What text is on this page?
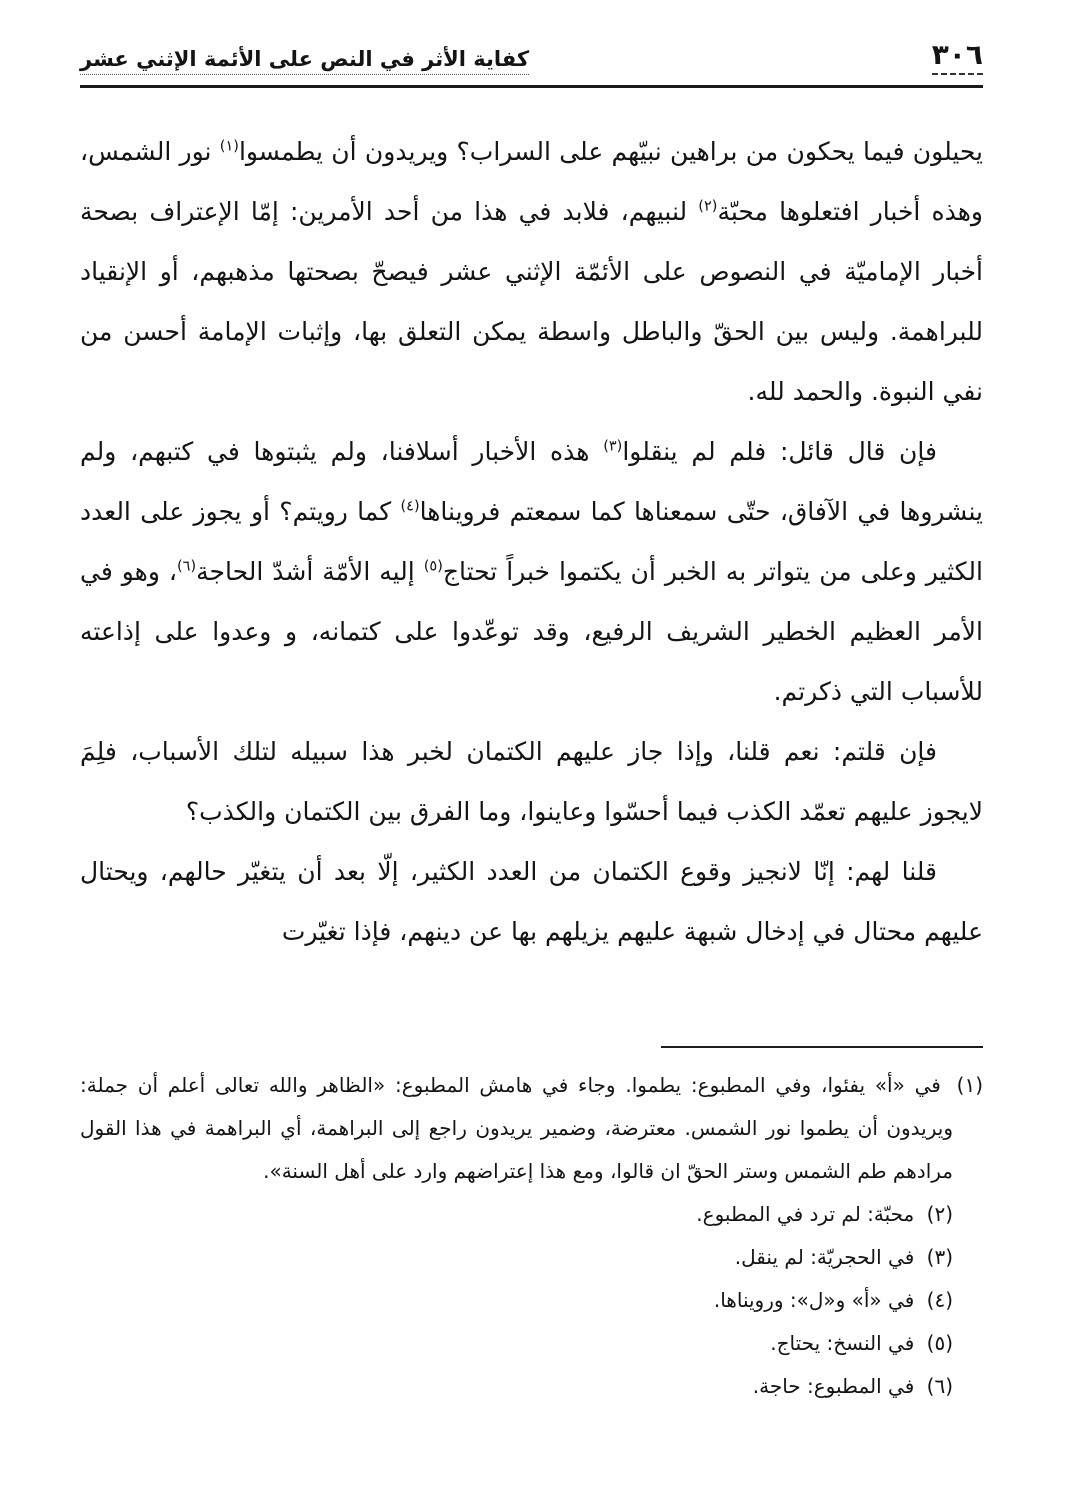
٣٠٦
كفاية الأثر في النص على الأئمة الإثني عشر

يحيلون فيما يحكون من براهين نبيّهم على السراب؟ ويريدون أن يطمسوا$^{(١)}$ نور الشمس، وهذه أخبار افتعلوها محبّة$^{(٢)}$ لنبيهم، فلابد في هذا من أحد الأمرين: إمّا الإعتراف بصحة أخبار الإماميّة في النصوص على الأئمّة الإثني عشر فيصحّ بصحتها مذهبهم، أو الإنقياد للبراهمة. وليس بين الحقّ والباطل واسطة يمكن التعلق بها، وإثبات الإمامة أحسن من نفي النبوة. والحمد لله.

فإن قال قائل: فلم لم ينقلوا$^{(٣)}$ هذه الأخبار أسلافنا، ولم يثبتوها في كتبهم، ولم ينشروها في الآفاق، حتّى سمعناها كما سمعتم فرويناها$^{(٤)}$ كما رويتم؟ أو يجوز على العدد الكثير وعلى من يتواتر به الخبر أن يكتموا خبراً تحتاج$^{(٥)}$ إليه الأمّة أشدّ الحاجة$^{(٦)}$، وهو في الأمر العظيم الخطير الشريف الرفيع، وقد توعّدوا على كتمانه، و وعدوا على إذاعته للأسباب التي ذكرتم.

فإن قلتم: نعم قلنا، وإذا جاز عليهم الكتمان لخبر هذا سبيله لتلك الأسباب، فلِمَ لايجوز عليهم تعمّد الكذب فيما أحسّوا وعاينوا، وما الفرق بين الكتمان والكذب؟

قلنا لهم: إنّا لانجيز وقوع الكتمان من العدد الكثير، إلّا بعد أن يتغيّر حالهم، ويحتال عليهم محتال في إدخال شبهة عليهم يزيلهم بها عن دينهم، فإذا تغيّرت

(١) في «أ» يفئوا، وفي المطبوع: يطموا. وجاء في هامش المطبوع: «الظاهر والله تعالى أعلم أن جملة: ويريدون أن يطموا نور الشمس. معترضة، وضمير يريدون راجع إلى البراهمة، أي البراهمة في هذا القول مرادهم طم الشمس وستر الحقّ ان قالوا، ومع هذا إعتراضهم وارد على أهل السنة».
(٢) محبّة: لم ترد في المطبوع.
(٣) في الحجريّة: لم ينقل.
(٤) في «أ» و«ل»: ورويناها.
(٥) في النسخ: يحتاج.
(٦) في المطبوع: حاجة.
